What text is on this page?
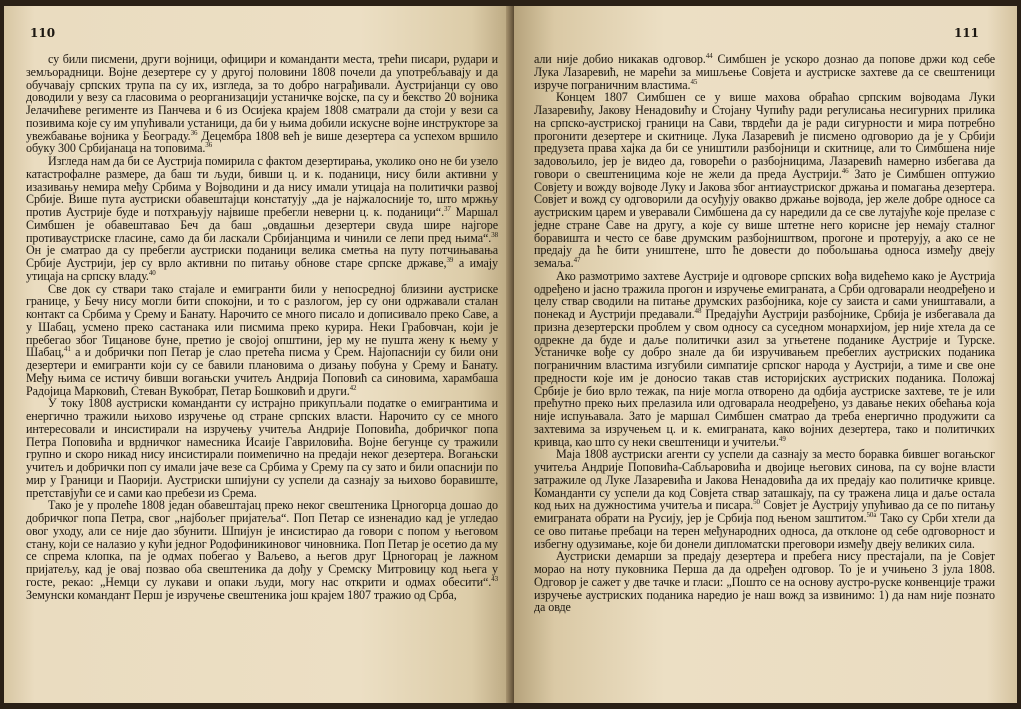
110

су били писмени, други војници, официри и команданти места, трећи писари, рудари и земљорадници. Војне дезертере су у другој половини 1808 почели да употребљавају и да обучавају српских трупа па су их, изгледа, за то добро награђивали. Аустријанци су ово доводили у везу са гласовима о реорганизацији устаничке војске, па су и бекство 20 војника Јелачићеве регименте из Панчева и 6 из Осијека крајем 1808 сматрали да стоји у вези са позивима које су им упућивали устаници, да би у њима добили искусне војне инструкторе за увежбавање војника у Београду.$^{36}$ Децембра 1808 већ је више дезертера са успехом вршило обуку 300 Србијанаца на топовима.$^{36}$

Изгледа нам да би се Аустрија помирила с фактом дезертирања, уколико оно не би узело катастрофалне размере, да баш ти људи, бивши ц. и к. поданици, нису били активни у изазивању немира међу Србима у Војводини и да нису имали утицаја на политички развој Србије. Више пута аустриски обавештајци констатују „да је најжалосније то, што мржњу против Аустрије буде и потхрањују највише пребегли неверни ц. к. поданици“.$^{37}$ Маршал Симбшен је обавештавао Беч да баш „овдашњи дезертери свуда шире најгоре противаустриске гласине, само да би ласкали Србијанцима и чинили се лепи пред њима“.$^{38}$ Он је сматрао да су пребегли аустриски поданици велика сметња на путу потчињавања Србије Аустрији, јер су врло активни по питању обнове старе српске државе,$^{39}$ а имају утицаја на српску владу.$^{40}$

Све док су ствари тако стајале и емигранти били у непосредној близини аустриске границе, у Бечу нису могли бити спокојни, и то с разлогом, јер су они одржавали сталан контакт са Србима у Срему и Банату. Нарочито се много писало и дописивало преко Саве, а у Шабац, усмено преко састанака или писмима преко курира. Неки Грабовчан, који је пребегао због Тицанове буне, претио је својој општини, јер му не пушта жену к њему у Шабац,$^{41}$ а и добрички поп Петар је слао претећа писма у Срем. Најопаснији су били они дезертери и емигранти који су се бавили плановима о дизању побуна у Срему и Банату. Међу њима се истичу бивши вогањски учитељ Андрија Поповић са синовима, харамбаша Радојица Марковић, Стеван Вукобрат, Петар Бошковић и други.$^{42}$

У току 1808 аустриски команданти су истрајно прикупљали податке о емигрантима и енергично тражили њихово изручење од стране српских власти. Нарочито су се много интересовали и инсистирали на изручењу учитеља Андрије Поповића, добричког попа Петра Поповића и врдничког намесника Исаије Гавриловића. Војне бегунце су тражили групно и скоро никад нису инсистирали поимenично на предаји неког дезертера. Вогањски учитељ и добрички поп су имали јаче везе са Србима у Срему па су зато и били опаснији по мир у Граници и Паорији. Аустриски шпијуни су успели да сазнају за њихово боравиште, претставјући се и сами као пребези из Срема.

Тако је у пролеће 1808 један обавештајац преко неког свештеника Црногорца дошао до добричког попа Петра, свог „најбољег пријатеља“. Поп Петар се изненадио кад је угледао овог уходу, али се није дао збунити. Шпијун је инсистирао да говори с попом у његовом стану, који се налазио у кући једног Родофиникиновог чиновника. Поп Петар је осетио да му се спрема клопка, па је одмах побегао у Ваљево, а његов друг Црногорац је лажном пријатељу, кад је овај позвао оба свештеника да дођу у Сремску Митровицу код њега у госте, рекао: „Немци су лукави и опаки људи, могу нас открити и одмах обесити“.$^{43}$ Земунски командант Перш је изручење свештеника још крајем 1807 тражио од Срба,

111

али није добио никакав одговор.$^{44}$ Симбшен је ускоро дознао да попове држи код себе Лука Лазаревић, не марећи за мишљење Совјета и аустриске захтеве да се свештеници изруче пограничним властима.$^{45}$

Концем 1807 Симбшен се у више махова обраћао српским војводама Луки Лазаревићу, Јакову Ненадовићу и Стојану Чупићу ради регулисања несигурних прилика на српско-аустриској граници на Сави, тврдећи да је ради сигурности и мира потребно прогонити дезертере и скитнице. Лука Лазаревић је писмено одговорио да је у Србији предузета права хајка да би се уништили разбојници и скитнице, али то Симбшена није задовољило, јер је видео да, говорећи о разбојницима, Лазаревић намерно избегава да говори о свештеницима које не жели да преда Аустрији.$^{46}$ Зато је Симбшен оптужио Совјету и вожду војводе Луку и Јакова због антиаустриског држања и помагања дезертера. Совјет и вожд су одговорили да осуђују овакво држање војвода, јер желе добре односе са аустриским царем и уверавали Симбшена да су наредили да се све лутајуће које прелазе с једне стране Саве на другу, а које су више штетне него корисне јер немају сталног боравишта и често се баве друмским разбојништвом, прогоне и протерују, а ако се не предају да ће бити уништене, што ће довести до побољшања односа између двеју земаља.$^{47}$

Ако размотримо захтеве Аустрије и одговоре српских вођа видећемо како је Аустрија одређено и јасно тражила прогон и изручење емиграната, а Срби одговарали неодређено и целу ствар сводили на питање друмских разбојника, које су заиста и сами уништавали, а понекад и Аустрији предавали.$^{48}$ Предајући Аустрији разбојнике, Србија је избегавала да призна дезертерски проблем у свом односу са суседном монархијом, јер није хтела да се одрекне да буде и даље политички азил за угњетене поданике Аустрије и Турске. Устаничке вође су добро знале да би изручивањем пребеглих аустриских поданика пограничним властима изгубили симпатије српског народа у Аустрији, а тиме и све оне предности које им је доносио такав став историјских аустриских поданика. Положај Србије је био врло тежак, па није могла отворено да одбија аустриске захтеве, те је или прећутно преко њих прелазила или одговарала неодређено, уз давање неких обећања која није испуњавала. Зато је маршал Симбшен сматрао да треба енергично продужити са захтевима за изручењем ц. и к. емиграната, како војних дезертера, тако и политичких кривца, као што су неки свештеници и учитељи.$^{49}$

Маја 1808 аустриски агенти су успели да сазнају за место боравка бившег вогањског учитеља Андрије Поповића-Сабљаровића и двојице његових синова, па су војне власти затражиле од Луке Лазаревића и Јакова Ненадовића да их предају као политичке кривце. Команданти су успели да код Совјета ствар заташкају, па су тражена лица и даље остала код њих на дужностима учитеља и писара.$^{50}$ Совјет је Аустрију упућивао да се по питању емиграната обрати на Русију, јер је Србија под њеном заштитом.$^{50а}$ Тако су Срби хтели да се ово питање пребаци на терен међународних односа, да отклоне од себе одговорност и избегну одузимање, које би донели дипломатски преговори између двеју великих сила.

Аустриски демарши за предају дезертера и пребега нису престајали, па је Совјет морао на ноту пуковника Перша да да одређен одговор. То је и учињено 3 јула 1808. Одговор је сажет у две тачке и гласи: „Пошто се на основу аустро-руске конвенције тражи изручење аустриских поданика наредио је наш вожд за извинимо: 1) да нам није познато да овде
